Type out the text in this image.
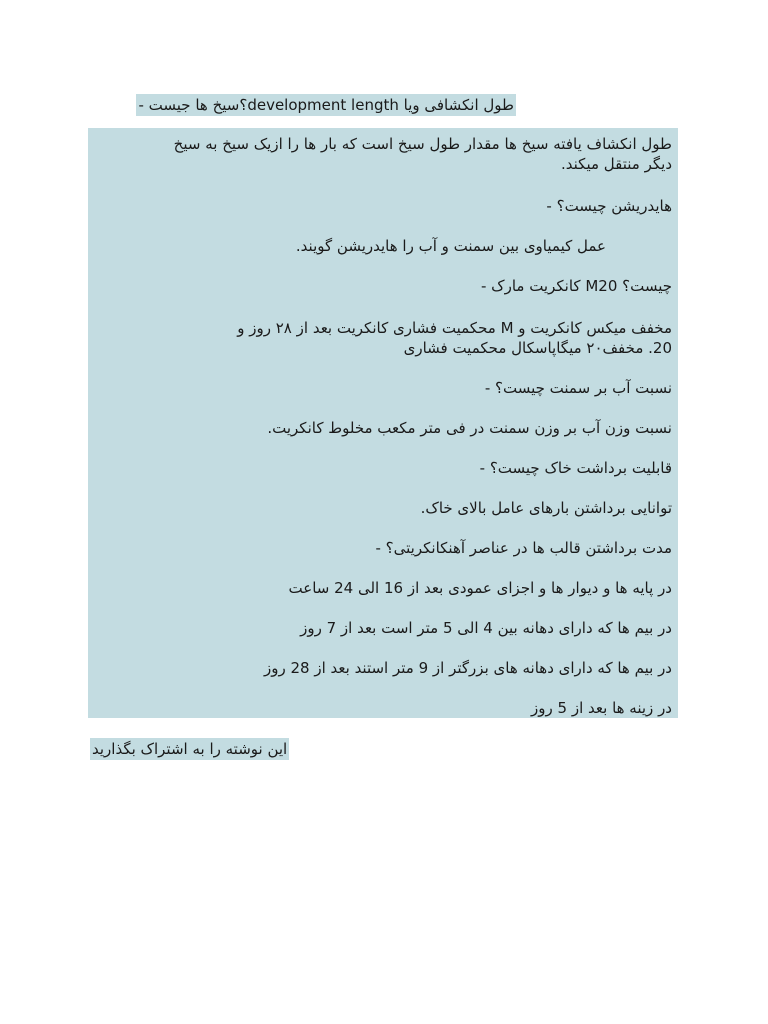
طول انکشافی ویا development length؟سیخ ها جیست -
طول انکشاف یافته سیخ ها مقدار طول سیخ است که بار ها را ازیک سیخ به سیخ
دیگر منتقل میکند.
هایدریشن چیست؟ -
عمل کیمیاوی بین سمنت و آب را هایدریشن گویند.
چیست؟ M20 کانکریت مارک -
مخفف میکس کانکریت و M محکمیت فشاری کانکریت بعد از ۲۸ روز و
20. مخفف۲۰ میگاپاسکال محکمیت فشاری
نسبت آب بر سمنت چیست؟ -
نسبت وزن آب بر وزن سمنت در فی متر مکعب مخلوط کانکریت.
قابلیت برداشت خاک چیست؟ -
توانایی برداشتن بارهای عامل بالای خاک.
مدت برداشتن قالب ها در عناصر آهنکانکریتی؟ -
در پایه ها و دیوار ها و اجزای عمودی بعد از 16 الی 24 ساعت
در بیم ها که دارای دهانه بین 4 الی 5 متر است بعد از 7 روز
در بیم ها که دارای دهانه های بزرگتر از 9 متر استند بعد از 28 روز
در زینه ها بعد از 5 روز
این نوشته را به اشتراک بگذارید
